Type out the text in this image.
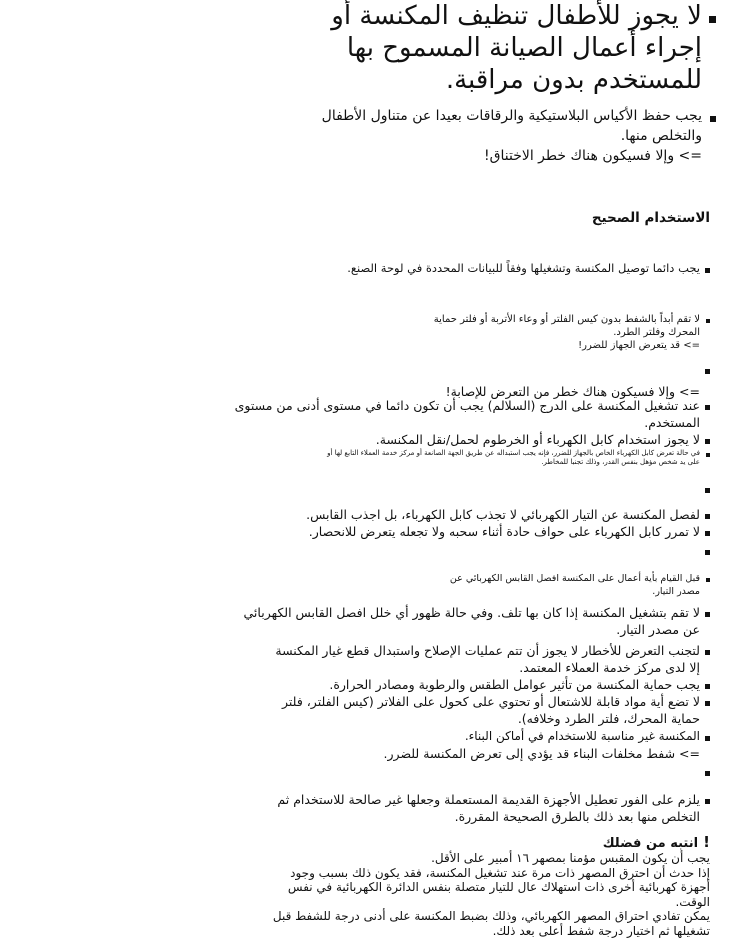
لا يجوز للأطفال تنظيف المكنسة أو
إجراء أعمال الصيانة المسموح بها
للمستخدم بدون مراقبة.
يجب حفظ الأكياس البلاستيكية والرقاقات بعيدا عن متناول الأطفال
والتخلص منها.
=> وإلا فسيكون هناك خطر الاختناق!
الاستخدام الصحيح
يجب دائما توصيل المكنسة وتشغيلها وفقاً للبيانات المحددة في لوحة الصنع.
لا تقم أبداً بالشفط بدون كيس الفلتر أو وعاء الأتربة أو فلتر حماية
المحرك وفلتر الطرد.
=> قد يتعرض الجهاز للضرر!
=> وإلا فسيكون هناك خطر من التعرض للإصابة!
عند تشغيل المكنسة على الدرج (السلالم) يجب أن تكون دائما في مستوى أدنى من مستوى
المستخدم.
لا يجوز استخدام كابل الكهرباء أو الخرطوم لحمل/نقل المكنسة.
في حالة تعرض كابل الكهرباء الخاص بالجهاز للضرر، فإنه يجب استبداله عن طريق الجهة الصانعة أو مركز خدمة العملاء التابع لها أو
على يد شخص مؤهل بنفس القدر، وذلك تجنبا للمخاطر.
لفصل المكنسة عن التيار الكهربائي لا تجذب كابل الكهرباء، بل اجذب القابس.
لا تمرر كابل الكهرباء على حواف حادة أثناء سحبه ولا تجعله يتعرض للانحصار.
قبل القيام بأية أعمال على المكنسة افصل القابس الكهربائي عن
مصدر التيار.
لا تقم بتشغيل المكنسة إذا كان بها تلف. وفي حالة ظهور أي خلل افصل القابس الكهربائي
عن مصدر التيار.
لتجنب التعرض للأخطار لا يجوز أن تتم عمليات الإصلاح واستبدال قطع غيار المكنسة
إلا لدى مركز خدمة العملاء المعتمد.
يجب حماية المكنسة من تأثير عوامل الطقس والرطوبة ومصادر الحرارة.
لا تضع أية مواد قابلة للاشتعال أو تحتوي على كحول على الفلاتر (كيس الفلتر، فلتر
حماية المحرك، فلتر الطرد وخلافه).
المكنسة غير مناسبة للاستخدام في أماكن البناء.
=> شفط مخلفات البناء قد يؤدي إلى تعرض المكنسة للضرر.
يلزم على الفور تعطيل الأجهزة القديمة المستعملة وجعلها غير صالحة للاستخدام ثم
التخلص منها بعد ذلك بالطرق الصحيحة المقررة.
! انتبه من فضلك
يجب أن يكون المقبس مؤمنا بمصهر ١٦ أمبير على الأقل.
إذا حدث أن احترق المصهر ذات مرة عند تشغيل المكنسة، فقد يكون ذلك بسبب وجود
أجهزة كهربائية أخرى ذات استهلاك عال للتيار متصلة بنفس الدائرة الكهربائية في نفس
الوقت.
يمكن تفادي احتراق المصهر الكهربائي، وذلك بضبط المكنسة على أدنى درجة للشفط قبل
تشغيلها ثم اختيار درجة شفط أعلى بعد ذلك.
